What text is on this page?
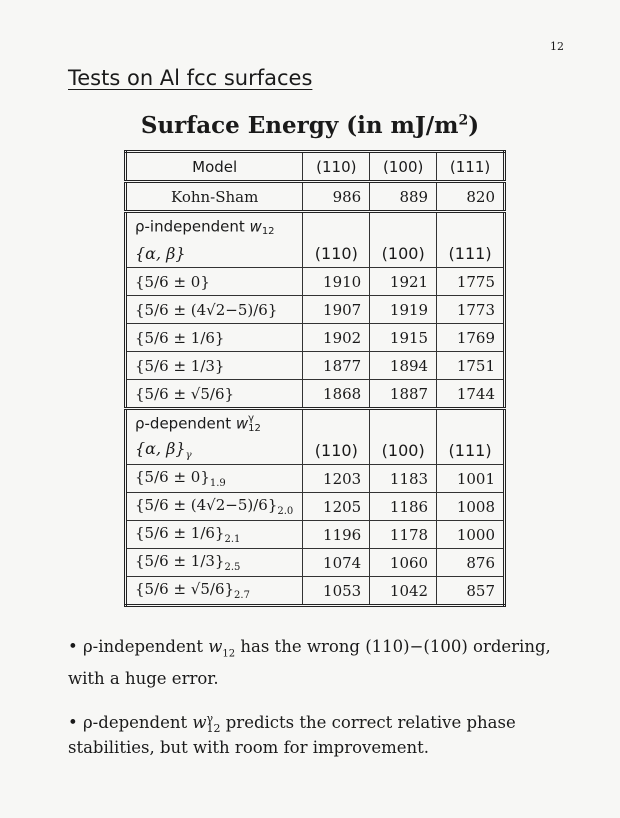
12
Tests on Al fcc surfaces
Surface Energy (in $mJ/m^2$)
Model	(110)	(100)	(111)
Kohn-Sham	986	889	820
ρ-independent w
12			

{α, β}	(110)	(100)	(111)
{5/6 ± 0}	1910	1921	1775
{5/6 ± (4√2−5)/6}	1907	1919	1773
{5/6 ± 1/6}	1902	1915	1769
{5/6 ± 1/3}	1877	1894	1751
{5/6 ± √5/6}	1868	1887	1744
ρ-dependent w γ
12			

{α, $\beta\}_\gamma$	(110)	(100)	(111)
$\{5/6 \pm 0\}_{1.9}$	1203	1183	1001
$\{5/6 \pm (4√2-5)/6\}_{2.0}$	1205	1186	1008
$\{5/6 \pm 1/6\}_{2.1}$	1196	1178	1000
$\{5/6 \pm 1/3\}_{2.5}$	1074	1060	876
$\{5/6 \pm √5/6\}_{2.7}$	1053	1042	857
• ρ-independent $w_{12}$ has the wrong (110)−(100) ordering, with a huge error.
• ρ-dependent w γ
12 predicts the correct relative phase stabilities, but with room for improvement.
